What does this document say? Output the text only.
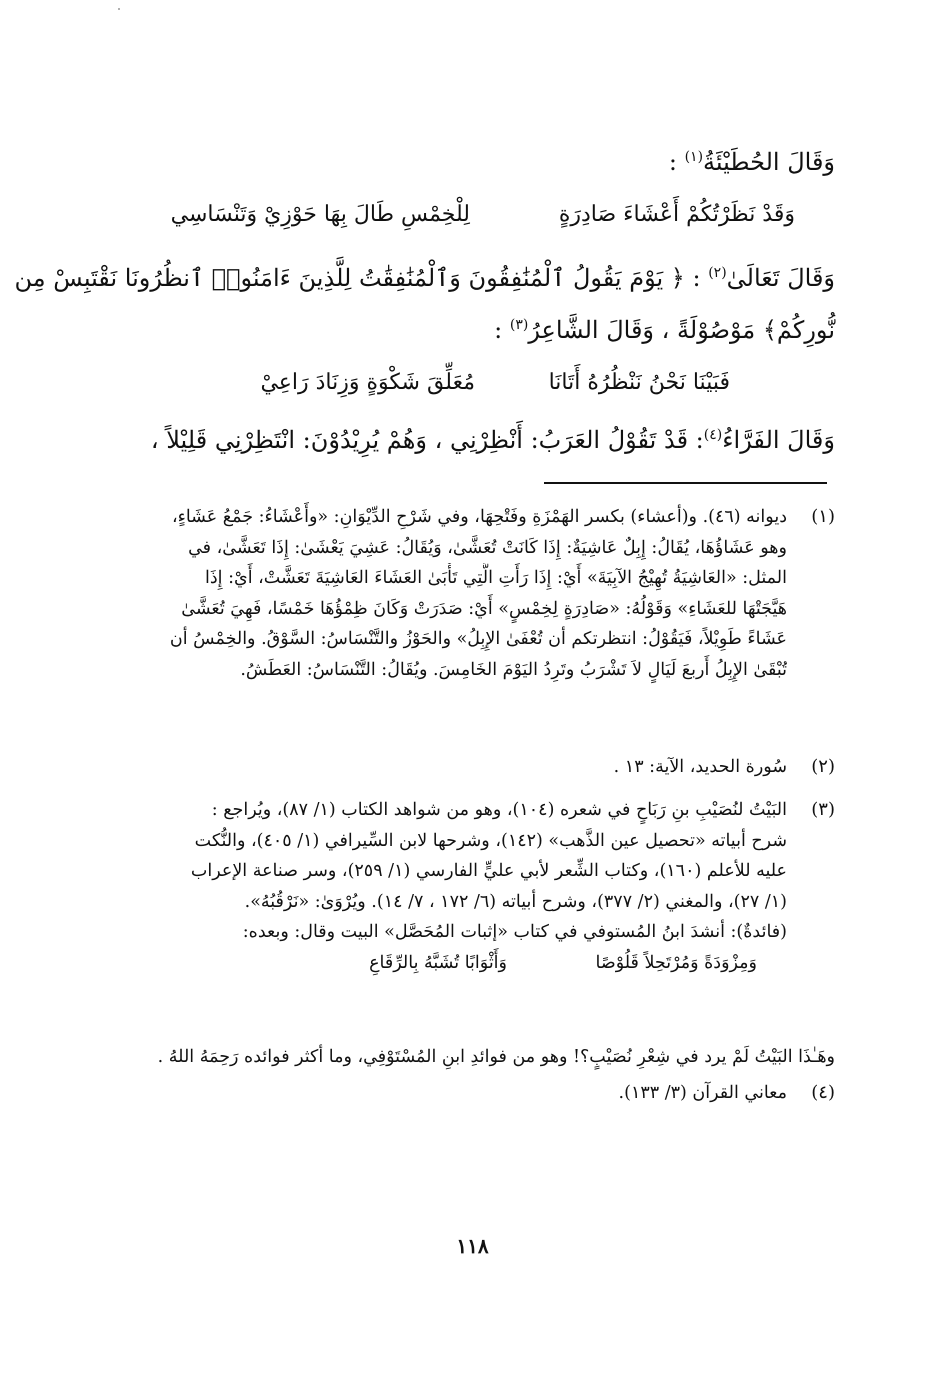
وَقَالَ الحُطَيْئَةُ$^{(١)}$ :
وَقَدْ نَظَرْتُكُمْ أَعْشَاءَ صَادِرَةٍ
لِلْخِمْسِ طَالَ بِهَا حَوْزِيْ وَتَنْسَاسِي
وَقَالَ تَعَالَىٰ$^{(٢)}$ : ﴿ يَوْمَ يَقُولُ ٱلْمُنَٰفِقُونَ وَٱلْمُنَٰفِقَٰتُ لِلَّذِينَ ءَامَنُوا۟ ٱنظُرُونَا نَقْتَبِسْ مِن
نُّورِكُمْ﴾ مَوْصُوْلَةً ، وَقَالَ الشَّاعِرُ$^{(٣)}$ :
فَبَيْنَا نَحْنُ نَنْظُرُهُ أَتَانَا
مُعَلِّقَ شَكْوَةٍ وَزِنَادَ رَاعِيْ
وَقَالَ الفَرَّاءُ$^{(٤)}$: قَدْ تَقُوْلُ العَرَبُ: أَنْظِرْنِي ، وَهُمْ يُرِيْدُوْنَ: انْتَظِرْنِي قَلِيْلاً ،
(١)
ديوانه (٤٦). و(أعشاء) بكسر الهَمْزَةِ وفَتْحِهَا، وفي شَرْحِ الدِّيْوَانِ: «وأَعْشَاءُ: جَمْعُ عَشَاءٍ،
وهو عَشَاؤُهَا، يُقَالُ: إِبِلٌ عَاشِيَةٌ: إِذَا كَانَتْ تُعَشَّىٰ، وَيُقَالُ: عَشِيَ يَعْشَىٰ: إِذَا تَعَشَّىٰ، في
المثل: «العَاشِيَةُ تُهِيْجُ الآبِيَةَ» أَيْ: إِذَا رَأَتِ الَّتِي تَأْبَىٰ العَشَاءَ العَاشِيَةَ تَعَشَّتْ، أَيْ: إِذَا
هَيَّجَتْهَا للعَشَاءِ» وَقَوْلُهُ: «صَادِرَةٍ لِخِمْسٍ» أَيْ: صَدَرَتْ وَكَانَ ظِمْؤُهَا خَمْسًا، فَهِيَ تُعَشَّىٰ
عَشَاءً طَوِيْلاً، فَيَقُوْلُ: انتظرتكم أن تُعْفَىٰ الإِبِلُ» والحَوْزُ والتَّنْسَاسُ: السَّوْقُ. والخِمْسُ أن
تُبْقَىٰ الإِبِلُ أَربعَ لَيَالٍ لاَ تَشْرَبُ وتَرِدُ اليَوْمَ الخَامِسَ. ويُقَالُ: التَّنْسَاسُ: العَطَشُ.
(٢)
سُورة الحديد، الآية: ١٣ .
(٣)
البَيْتُ لنُصَيْبِ بنِ رَبَاحٍ في شعره (١٠٤)، وهو من شواهد الكتاب (١/ ٨٧)، ويُراجع :
شرح أبياته «تحصيل عين الذَّهب» (١٤٢)، وشرحها لابن السِّيرافي (١/ ٤٠٥)، والنُّكت
عليه للأعلم (١٦٠)، وكتاب الشِّعر لأبي عليٍّ الفارسي (١/ ٢٥٩)، وسر صناعة الإعراب
(١/ ٢٧)، والمغني (٢/ ٣٧٧)، وشرح أبياته (٦/ ١٧٢ ، ٧/ ١٤). ويُرْوَىٰ: «نَرْقُبُهُ».
(فائدةٌ): أنشدَ ابنُ المُستوفي في كتاب «إثبات المُحَصَّل» البيت وقال: وبعده:
وَمِزْوَدَةً وَمُرْتَحِلاً قَلُوْصًا
وَأَثْوَابًا تُشَبَّهُ بِالرِّقَاعِ
وهَـٰذَا البَيْتُ لَمْ يرد في شِعْرِ نُصَيْبٍ؟! وهو من فوائدِ ابنِ المُسْتَوْفِي، وما أكثر فوائده رَحِمَهُ اللهُ .
(٤)
معاني القرآن (٣/ ١٣٣).
١١٨
